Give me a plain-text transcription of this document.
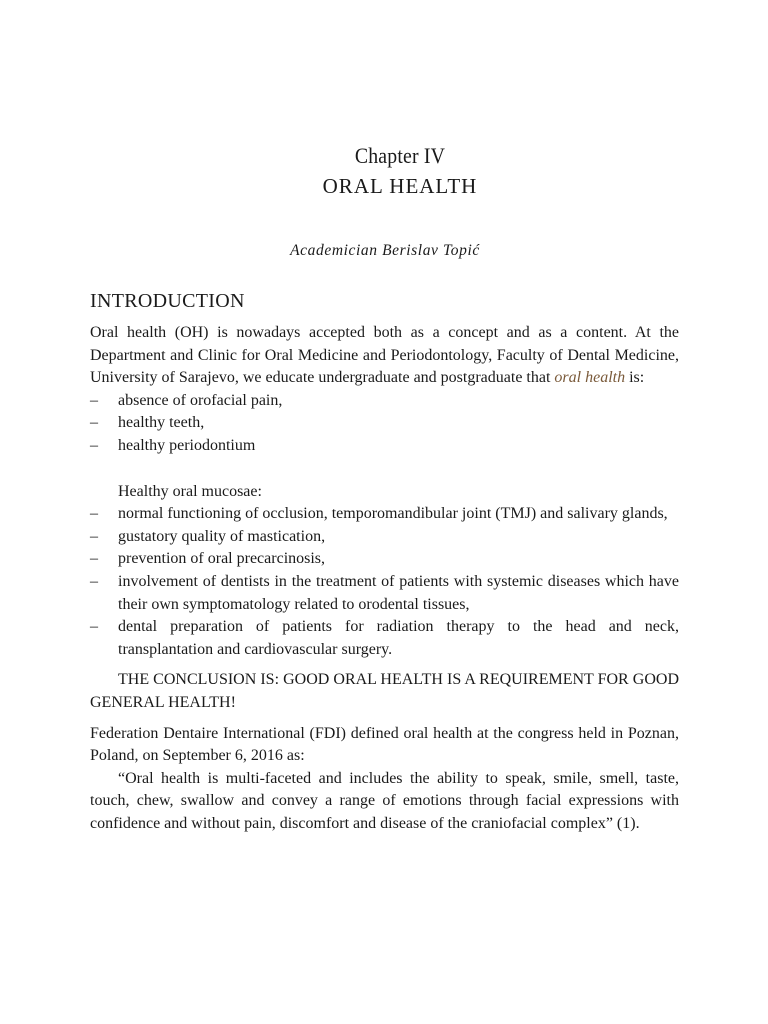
Chapter IV
ORAL HEALTH
Academician Berislav Topić
INTRODUCTION

Oral health (OH) is nowadays accepted both as a concept and as a content. At the Department and Clinic for Oral Medicine and Periodontology, Faculty of Dental Medicine, University of Sarajevo, we educate undergraduate and postgraduate that oral health is:

–	absence of orofacial pain,
–	healthy teeth,
–	healthy periodontium

Healthy oral mucosae:

–	normal functioning of occlusion, temporomandibular joint (TMJ) and salivary glands,
–	gustatory quality of mastication,
–	prevention of oral precarcinosis,
–	involvement of dentists in the treatment of patients with systemic diseases which have their own symptomatology related to orodental tissues,
–	dental preparation of patients for radiation therapy to the head and neck, transplantation and cardiovascular surgery.

THE CONCLUSION IS: GOOD ORAL HEALTH IS A REQUIREMENT FOR GOOD GENERAL HEALTH!

Federation Dentaire International (FDI) defined oral health at the congress held in Poznan, Poland, on September 6, 2016 as:

“Oral health is multi-faceted and includes the ability to speak, smile, smell, taste, touch, chew, swallow and convey a range of emotions through facial expressions with confidence and without pain, discomfort and disease of the craniofacial complex” (1).
